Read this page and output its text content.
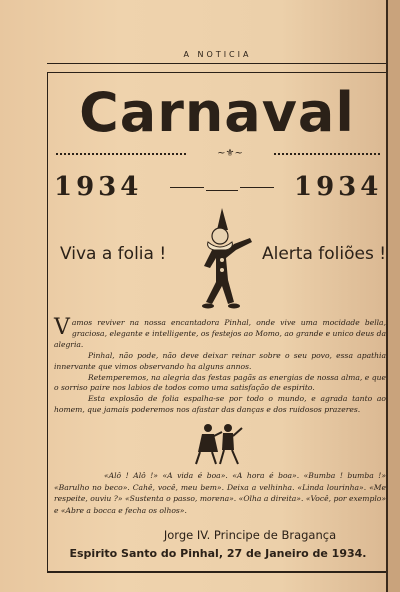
A NOTICIA
Carnaval
~⚜~
1934	1934
Viva a folia !	Alerta foliões !

Vamos reviver na nossa encantadora Pinhal, onde vive uma mocidade bella, graciosa, elegante e intelligente, os festejos ao Momo, ao grande e unico deus da alegria.

Pinhal, não pode, não deve deixar reinar sobre o seu povo, essa apathia innervante que vimos observando ha alguns annos.

Retemperemos, na alegria das festas pagãs as energias de nossa alma, e que o sorriso paire nos labios de todos como uma satisfação de espirito.

Esta explosão de folia espalha-se por todo o mundo, e agrada tanto ao homem, que jamais poderemos nos afastar das danças e dos ruidosos prazeres.

«Alô ! Alô !» «A vida é boa». «A hora é boa». «Bumba ! bumba !» «Barulho no beco». Cahê, você, meu bem». Deixa a velhinha. «Linda lourinha». «Me respeite, ouviu ?» «Sustenta o passo, morena». «Olha a direita». «Você, por exemplo» e «Abre a bocca e fecha os olhos».

Jorge IV. Principe de Bragança
Espirito Santo do Pinhal, 27 de Janeiro de 1934.
